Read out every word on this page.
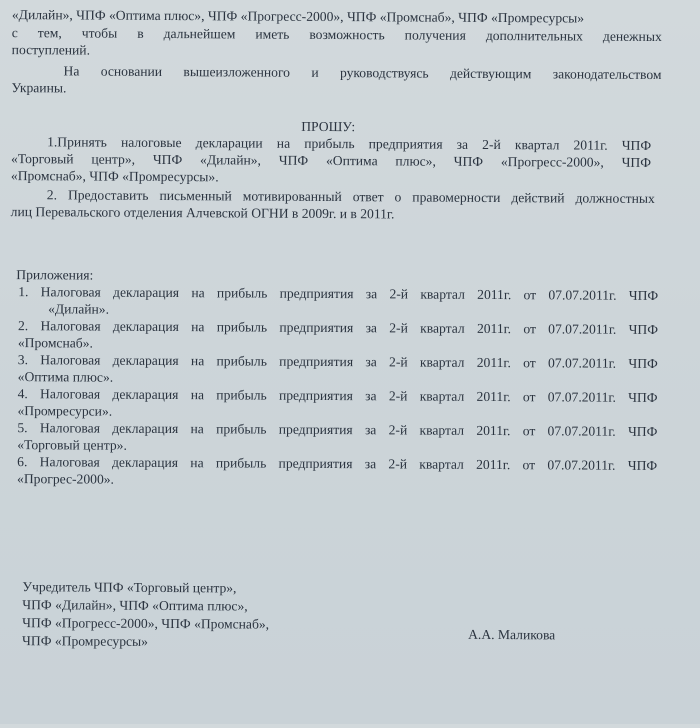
«Дилайн», ЧПФ «Оптима плюс», ЧПФ «Прогресс-2000», ЧПФ «Промснаб», ЧПФ «Промресурсы»

с тем, чтобы в дальнейшем иметь возможность получения дополнительных денежных

поступлений.

На основании вышеизложенного и руководствуясь действующим законодательством

Украины.
ПРОШУ:

1.Принять налоговые декларации на прибыль предприятия за 2-й квартал 2011г. ЧПФ

«Торговый центр», ЧПФ «Дилайн», ЧПФ «Оптима плюс», ЧПФ «Прогресс-2000», ЧПФ

«Промснаб», ЧПФ «Промресурсы».

2. Предоставить письменный мотивированный ответ о правомерности действий должностных

лиц Перевальского отделения Алчевской ОГНИ в 2009г. и в 2011г.
Приложения:

1. Налоговая декларация на прибыль предприятия за 2-й квартал 2011г. от 07.07.2011г. ЧПФ

«Дилайн».

2. Налоговая декларация на прибыль предприятия за 2-й квартал 2011г. от 07.07.2011г. ЧПФ

«Промснаб».

3. Налоговая декларация на прибыль предприятия за 2-й квартал 2011г. от 07.07.2011г. ЧПФ

«Оптима плюс».

4. Налоговая декларация на прибыль предприятия за 2-й квартал 2011г. от 07.07.2011г. ЧПФ

«Промресурси».

5. Налоговая декларация на прибыль предприятия за 2-й квартал 2011г. от 07.07.2011г. ЧПФ

«Торговый центр».

6. Налоговая декларация на прибыль предприятия за 2-й квартал 2011г. от 07.07.2011г. ЧПФ

«Прогрес-2000».
Учредитель ЧПФ «Торговый центр»,
ЧПФ «Дилайн», ЧПФ «Оптима плюс»,
ЧПФ «Прогресс-2000», ЧПФ «Промснаб»,
ЧПФ «Промресурсы»	А.А. Маликова
